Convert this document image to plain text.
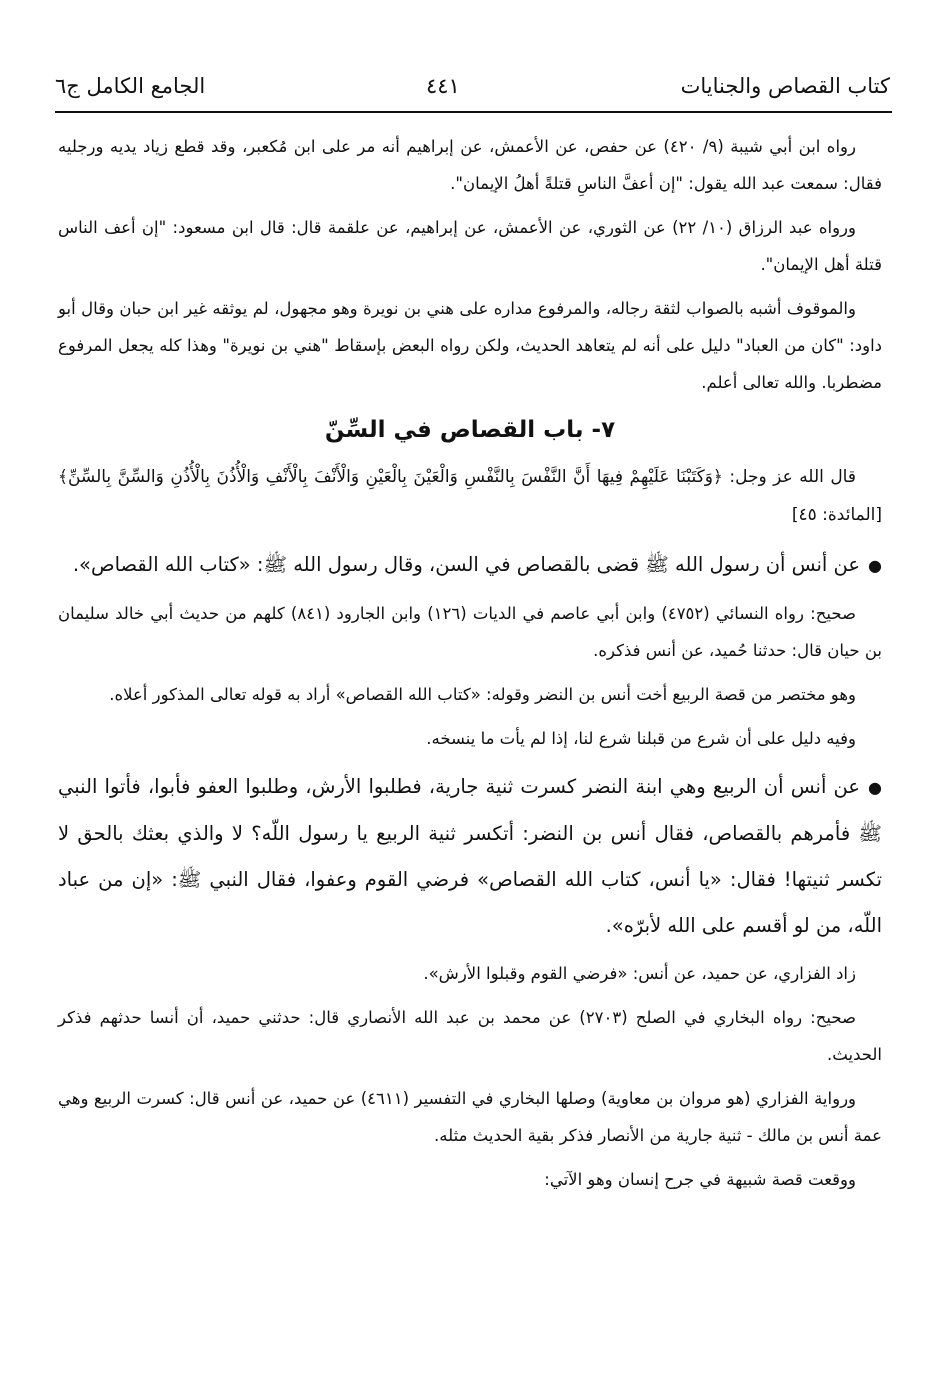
كتاب القصاص والجنايات
٤٤١
الجامع الكامل ج٦

رواه ابن أبي شيبة (٩/ ٤٢٠) عن حفص، عن الأعمش، عن إبراهيم أنه مر على ابن مُكعبر، وقد قطع زياد يديه ورجليه فقال: سمعت عبد الله يقول: "إن أعفَّ الناسِ قتلةً أهلُ الإيمان".

ورواه عبد الرزاق (١٠/ ٢٢) عن الثوري، عن الأعمش، عن إبراهيم، عن علقمة قال: قال ابن مسعود: "إن أعف الناس قتلة أهل الإيمان".

والموقوف أشبه بالصواب لثقة رجاله، والمرفوع مداره على هني بن نويرة وهو مجهول، لم يوثقه غير ابن حبان وقال أبو داود: "كان من العباد" دليل على أنه لم يتعاهد الحديث، ولكن رواه البعض بإسقاط "هني بن نويرة" وهذا كله يجعل المرفوع مضطربا. والله تعالى أعلم.

٧- باب القصاص في السِّنّ

قال الله عز وجل: ﴿وَكَتَبْنَا عَلَيْهِمْ فِيهَا أَنَّ النَّفْسَ بِالنَّفْسِ وَالْعَيْنَ بِالْعَيْنِ وَالْأَنْفَ بِالْأَنْفِ وَالْأُذُنَ بِالْأُذُنِ وَالسِّنَّ بِالسِّنِّ﴾ [المائدة: ٤٥]

●عن أنس أن رسول الله ﷺ قضى بالقصاص في السن، وقال رسول الله ﷺ: «كتاب الله القصاص».

صحيح: رواه النسائي (٤٧٥٢) وابن أبي عاصم في الديات (١٢٦) وابن الجارود (٨٤١) كلهم من حديث أبي خالد سليمان بن حيان قال: حدثنا حُميد، عن أنس فذكره.

وهو مختصر من قصة الربيع أخت أنس بن النضر وقوله: «كتاب الله القصاص» أراد به قوله تعالى المذكور أعلاه.

وفيه دليل على أن شرع من قبلنا شرع لنا، إذا لم يأت ما ينسخه.

●عن أنس أن الربيع وهي ابنة النضر كسرت ثنية جارية، فطلبوا الأرش، وطلبوا العفو فأبوا، فأتوا النبي ﷺ فأمرهم بالقصاص، فقال أنس بن النضر: أتكسر ثنية الربيع يا رسول اللّه؟ لا والذي بعثك بالحق لا تكسر ثنيتها! فقال: «يا أنس، كتاب الله القصاص» فرضي القوم وعفوا، فقال النبي ﷺ: «إن من عباد اللّه، من لو أقسم على الله لأبرّه».

زاد الفزاري، عن حميد، عن أنس: «فرضي القوم وقبلوا الأرش».

صحيح: رواه البخاري في الصلح (٢٧٠٣) عن محمد بن عبد الله الأنصاري قال: حدثني حميد، أن أنسا حدثهم فذكر الحديث.

ورواية الفزاري (هو مروان بن معاوية) وصلها البخاري في التفسير (٤٦١١) عن حميد، عن أنس قال: كسرت الربيع وهي عمة أنس بن مالك - ثنية جارية من الأنصار فذكر بقية الحديث مثله.

ووقعت قصة شبيهة في جرح إنسان وهو الآتي:
